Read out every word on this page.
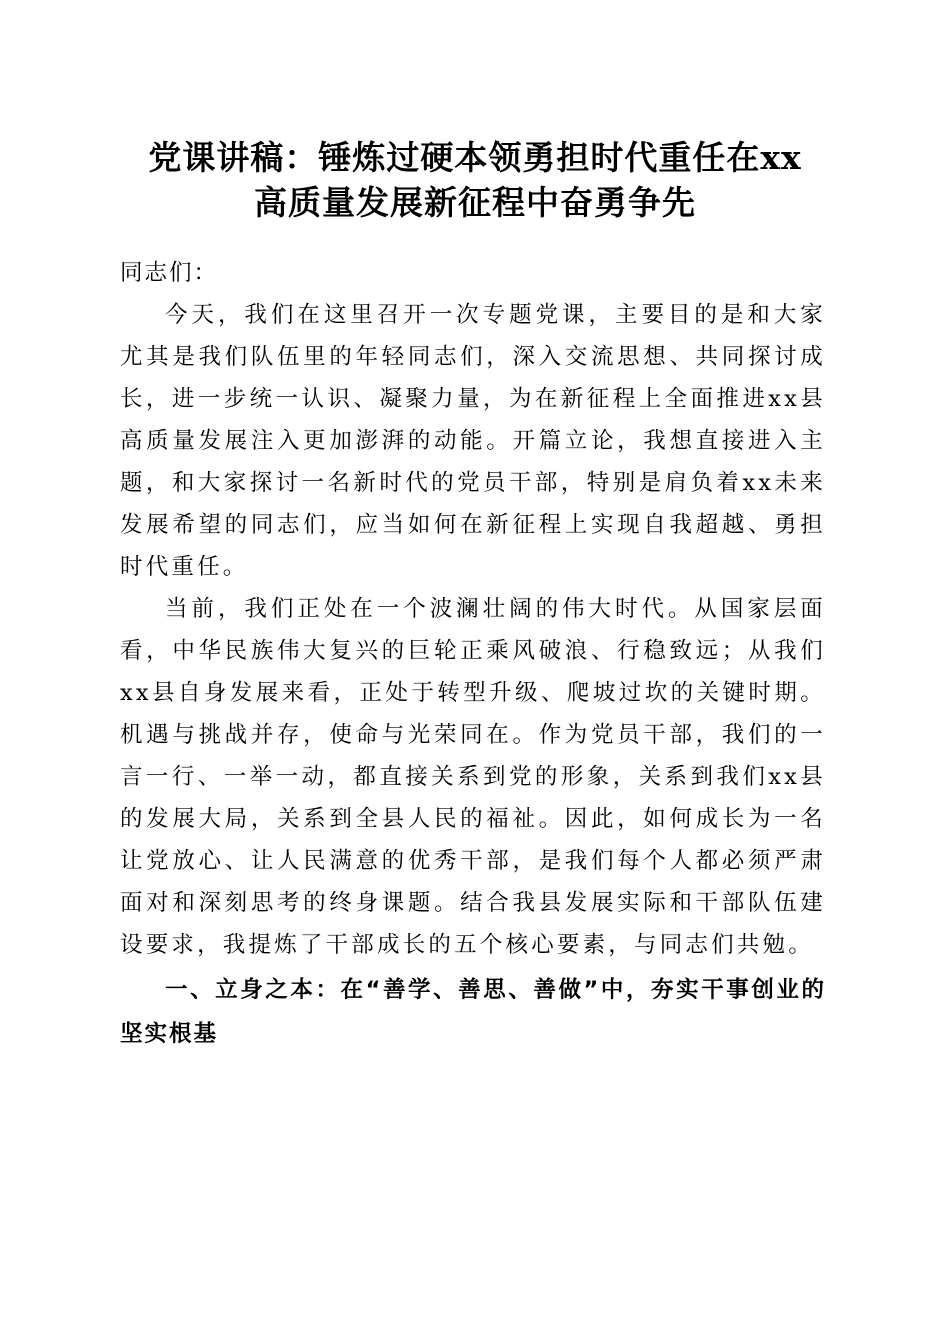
党课讲稿：锤炼过硬本领勇担时代重任在xx
高质量发展新征程中奋勇争先

同志们：

今天，我们在这里召开一次专题党课，主要目的是和大家尤其是我们队伍里的年轻同志们，深入交流思想、共同探讨成长，进一步统一认识、凝聚力量，为在新征程上全面推进xx县高质量发展注入更加澎湃的动能。开篇立论，我想直接进入主题，和大家探讨一名新时代的党员干部，特别是肩负着xx未来发展希望的同志们，应当如何在新征程上实现自我超越、勇担时代重任。

当前，我们正处在一个波澜壮阔的伟大时代。从国家层面看，中华民族伟大复兴的巨轮正乘风破浪、行稳致远；从我们xx县自身发展来看，正处于转型升级、爬坡过坎的关键时期。机遇与挑战并存，使命与光荣同在。作为党员干部，我们的一言一行、一举一动，都直接关系到党的形象，关系到我们xx县的发展大局，关系到全县人民的福祉。因此，如何成长为一名让党放心、让人民满意的优秀干部，是我们每个人都必须严肃面对和深刻思考的终身课题。结合我县发展实际和干部队伍建设要求，我提炼了干部成长的五个核心要素，与同志们共勉。

一、立身之本：在“善学、善思、善做”中，夯实干事创业的坚实根基
